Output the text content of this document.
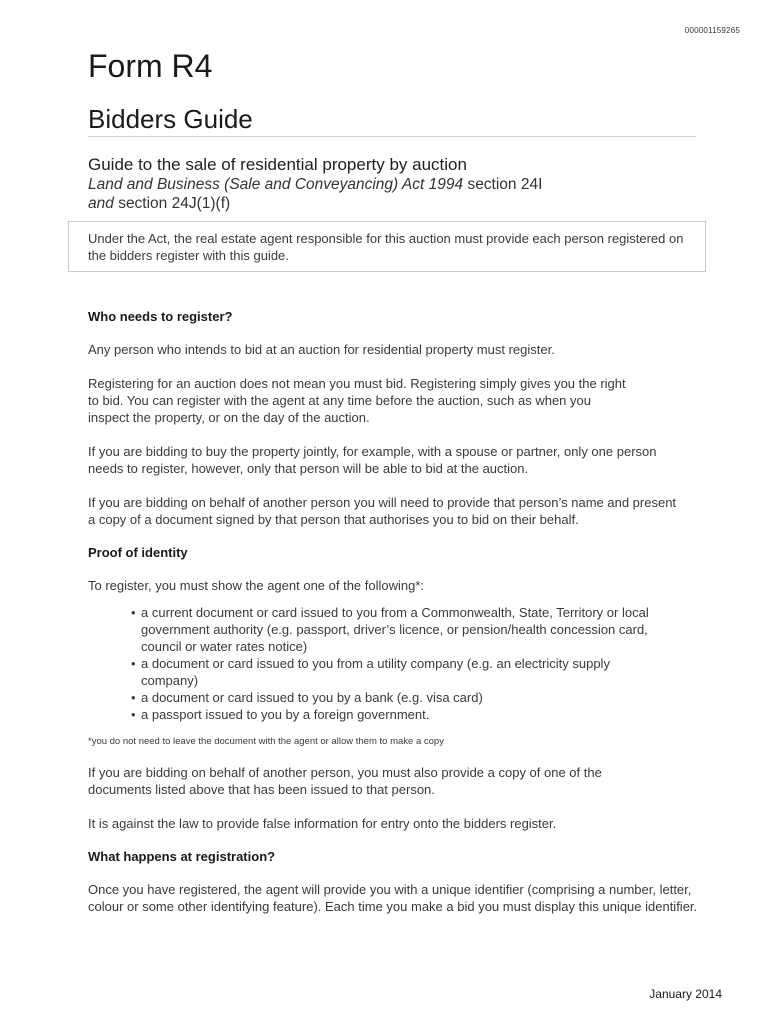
000001159265
Form R4
Bidders Guide
Guide to the sale of residential property by auction
Land and Business (Sale and Conveyancing) Act 1994 section 24I
and section 24J(1)(f)
Under the Act, the real estate agent responsible for this auction must provide each person registered on the bidders register with this guide.
Who needs to register?

Any person who intends to bid at an auction for residential property must register.

Registering for an auction does not mean you must bid. Registering simply gives you the right to bid. You can register with the agent at any time before the auction, such as when you inspect the property, or on the day of the auction.

If you are bidding to buy the property jointly, for example, with a spouse or partner, only one person needs to register, however, only that person will be able to bid at the auction.

If you are bidding on behalf of another person you will need to provide that person’s name and present a copy of a document signed by that person that authorises you to bid on their behalf.

Proof of identity

To register, you must show the agent one of the following*:

• a current document or card issued to you from a Commonwealth, State, Territory or local government authority (e.g. passport, driver’s licence, or pension/health concession card, council or water rates notice)
• a document or card issued to you from a utility company (e.g. an electricity supply company)
• a document or card issued to you by a bank (e.g. visa card)
• a passport issued to you by a foreign government.

*you do not need to leave the document with the agent or allow them to make a copy

If you are bidding on behalf of another person, you must also provide a copy of one of the documents listed above that has been issued to that person.

It is against the law to provide false information for entry onto the bidders register.

What happens at registration?

Once you have registered, the agent will provide you with a unique identifier (comprising a number, letter, colour or some other identifying feature). Each time you make a bid you must display this unique identifier.

January 2014
